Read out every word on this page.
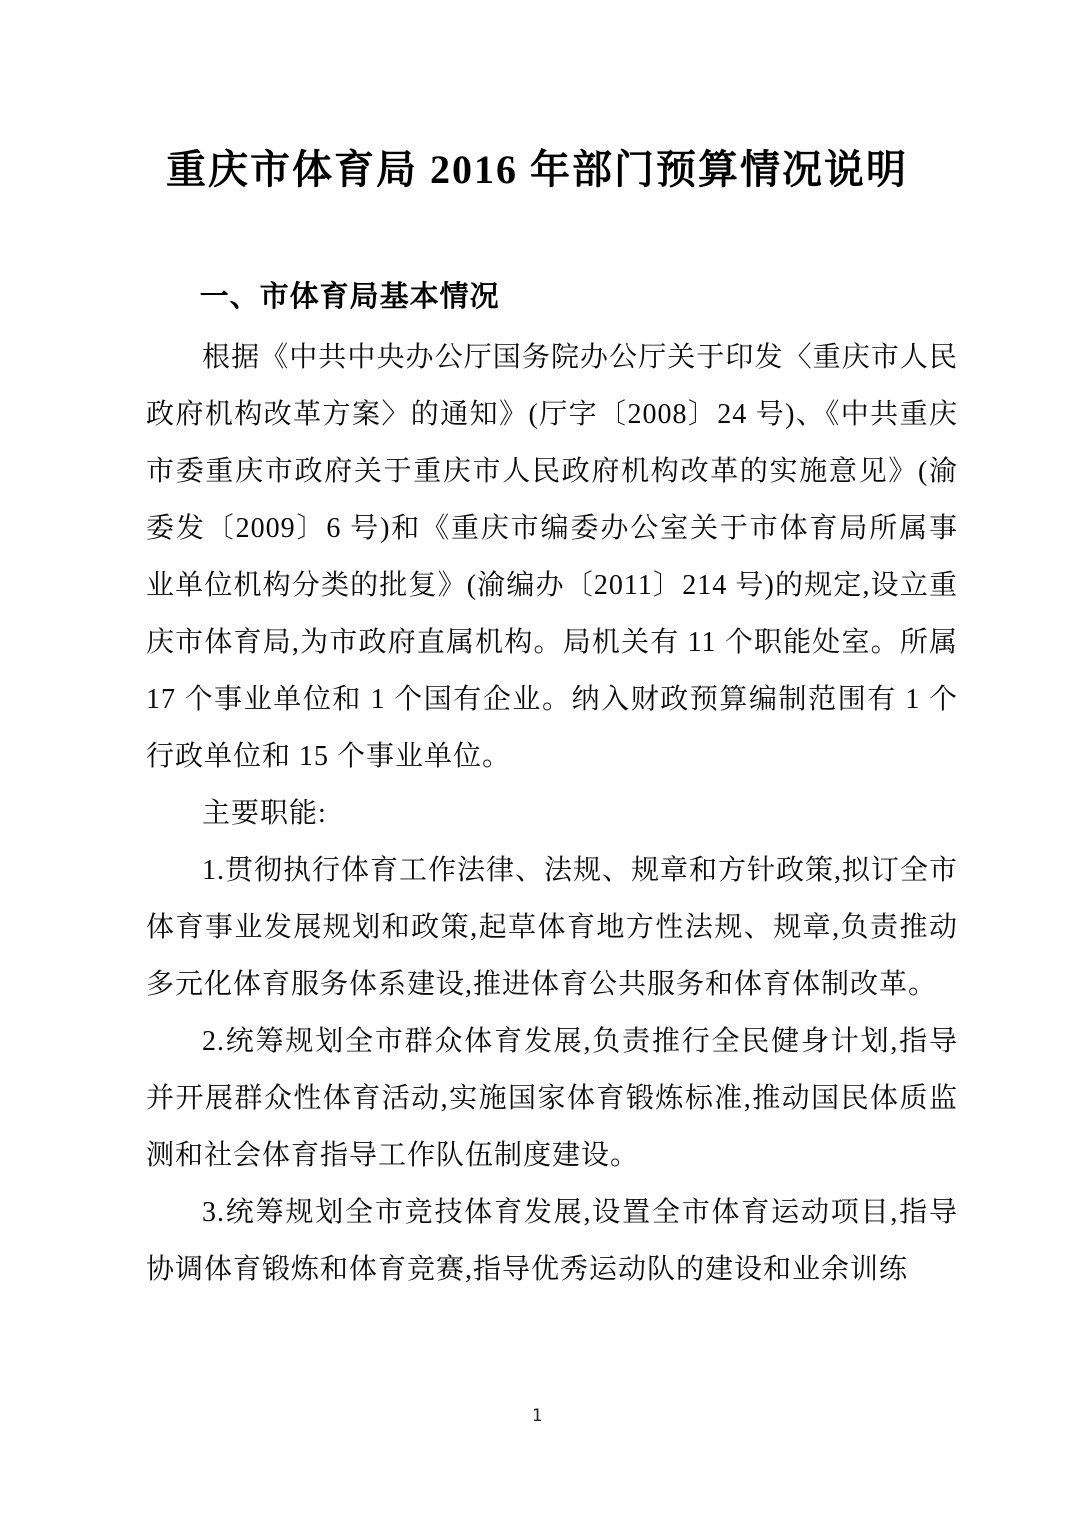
重庆市体育局 2016 年部门预算情况说明
一、市体育局基本情况

根据《中共中央办公厅国务院办公厅关于印发〈重庆市人民政府机构改革方案〉的通知》(厅字〔2008〕24 号)、《中共重庆市委重庆市政府关于重庆市人民政府机构改革的实施意见》(渝委发〔2009〕6 号)和《重庆市编委办公室关于市体育局所属事业单位机构分类的批复》(渝编办〔2011〕214 号)的规定,设立重庆市体育局,为市政府直属机构。局机关有 11 个职能处室。所属 17 个事业单位和 1 个国有企业。纳入财政预算编制范围有 1 个行政单位和 15 个事业单位。

主要职能:

1.贯彻执行体育工作法律、法规、规章和方针政策,拟订全市体育事业发展规划和政策,起草体育地方性法规、规章,负责推动多元化体育服务体系建设,推进体育公共服务和体育体制改革。

2.统筹规划全市群众体育发展,负责推行全民健身计划,指导并开展群众性体育活动,实施国家体育锻炼标准,推动国民体质监测和社会体育指导工作队伍制度建设。

3.统筹规划全市竞技体育发展,设置全市体育运动项目,指导协调体育锻炼和体育竞赛,指导优秀运动队的建设和业余训练

1
